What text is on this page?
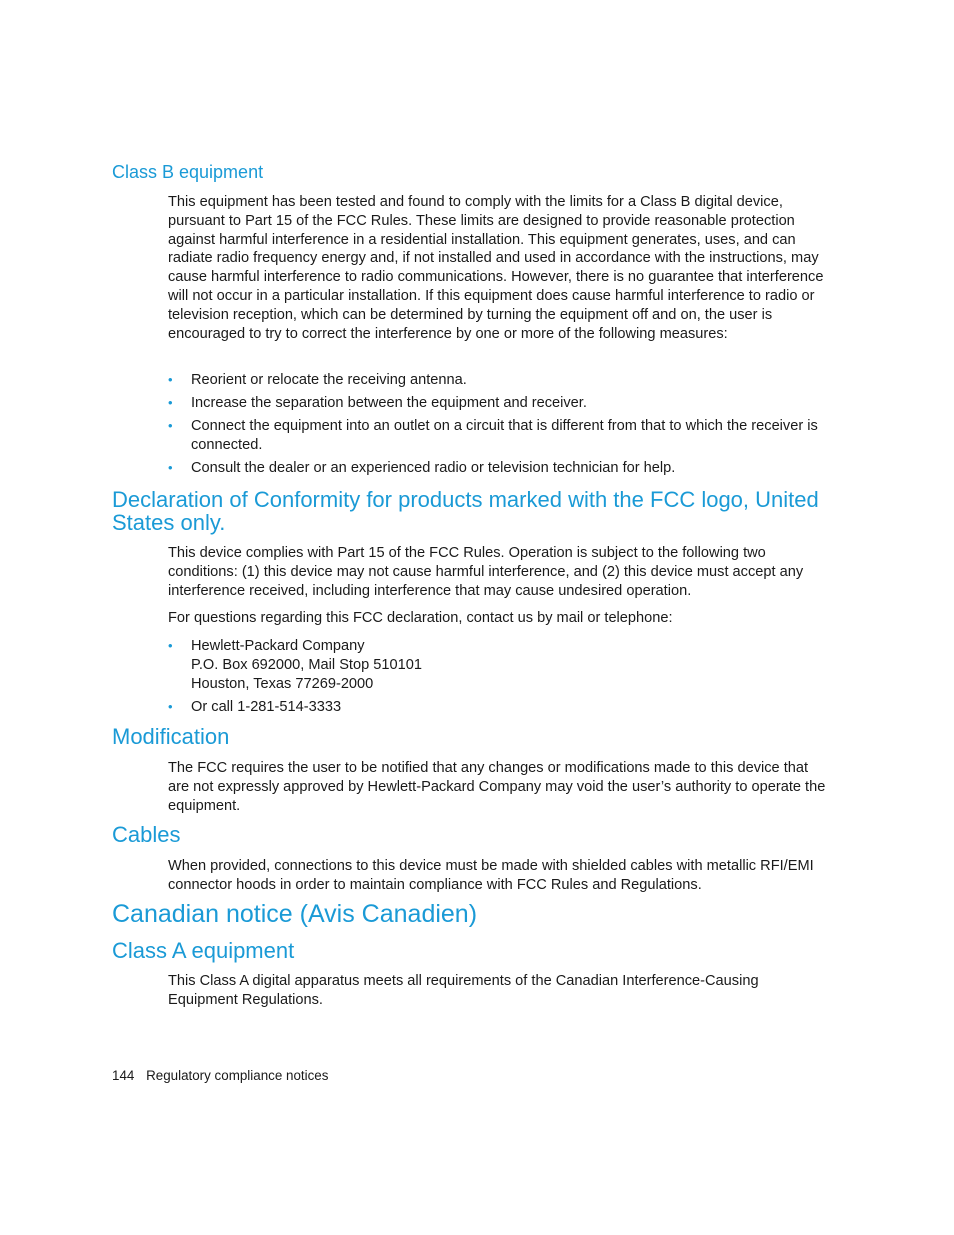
Class B equipment

This equipment has been tested and found to comply with the limits for a Class B digital device, pursuant to Part 15 of the FCC Rules. These limits are designed to provide reasonable protection against harmful interference in a residential installation. This equipment generates, uses, and can radiate radio frequency energy and, if not installed and used in accordance with the instructions, may cause harmful interference to radio communications. However, there is no guarantee that interference will not occur in a particular installation. If this equipment does cause harmful interference to radio or television reception, which can be determined by turning the equipment off and on, the user is encouraged to try to correct the interference by one or more of the following measures:

• Reorient or relocate the receiving antenna.
• Increase the separation between the equipment and receiver.
• Connect the equipment into an outlet on a circuit that is different from that to which the receiver is connected.
• Consult the dealer or an experienced radio or television technician for help.
Declaration of Conformity for products marked with the FCC logo, United States only.

This device complies with Part 15 of the FCC Rules. Operation is subject to the following two conditions: (1) this device may not cause harmful interference, and (2) this device must accept any interference received, including interference that may cause undesired operation.

For questions regarding this FCC declaration, contact us by mail or telephone:

• Hewlett-Packard Company
P.O. Box 692000, Mail Stop 510101
Houston, Texas 77269-2000
• Or call 1-281-514-3333
Modification

The FCC requires the user to be notified that any changes or modifications made to this device that are not expressly approved by Hewlett-Packard Company may void the user’s authority to operate the equipment.

Cables

When provided, connections to this device must be made with shielded cables with metallic RFI/EMI connector hoods in order to maintain compliance with FCC Rules and Regulations.

Canadian notice (Avis Canadien)
Class A equipment

This Class A digital apparatus meets all requirements of the Canadian Interference-Causing Equipment Regulations.

144 Regulatory compliance notices
